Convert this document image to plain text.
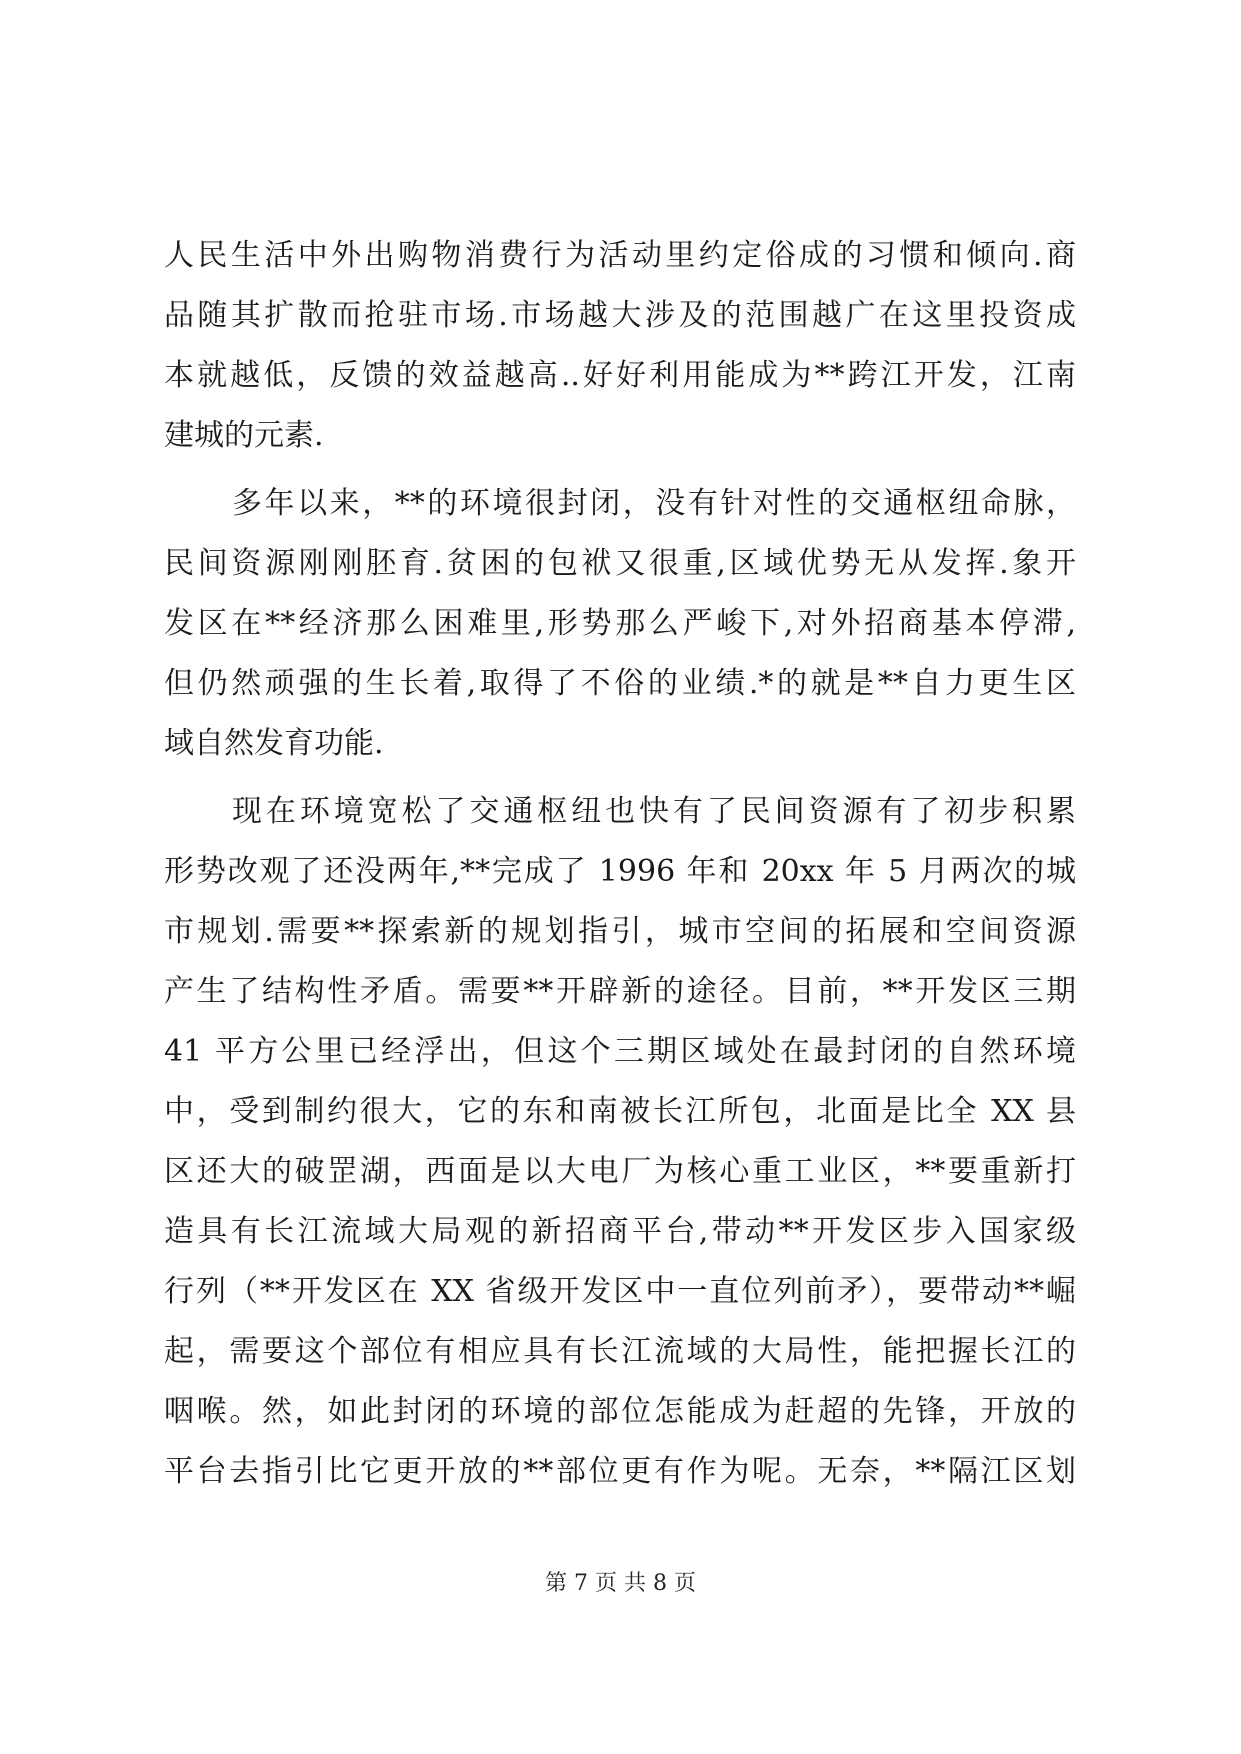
人民生活中外出购物消费行为活动里约定俗成的习惯和倾向.商
品随其扩散而抢驻市场.市场越大涉及的范围越广在这里投资成
本就越低，反馈的效益越高..好好利用能成为**跨江开发，江南
建城的元素.
多年以来，**的环境很封闭，没有针对性的交通枢纽命脉，
民间资源刚刚胚育.贫困的包袱又很重,区域优势无从发挥.象开
发区在**经济那么困难里,形势那么严峻下,对外招商基本停滞,
但仍然顽强的生长着,取得了不俗的业绩.*的就是**自力更生区
域自然发育功能.
现在环境宽松了交通枢纽也快有了民间资源有了初步积累
形势改观了还没两年,**完成了 1996 年和 20xx 年 5 月两次的城
市规划.需要**探索新的规划指引，城市空间的拓展和空间资源
产生了结构性矛盾。需要**开辟新的途径。目前，**开发区三期
41 平方公里已经浮出，但这个三期区域处在最封闭的自然环境
中，受到制约很大，它的东和南被长江所包，北面是比全 XX 县
区还大的破罡湖，西面是以大电厂为核心重工业区，**要重新打
造具有长江流域大局观的新招商平台,带动**开发区步入国家级
行列（**开发区在 XX 省级开发区中一直位列前矛），要带动**崛
起，需要这个部位有相应具有长江流域的大局性，能把握长江的
咽喉。然，如此封闭的环境的部位怎能成为赶超的先锋，开放的
平台去指引比它更开放的**部位更有作为呢。无奈，**隔江区划
第 7 页 共 8 页
